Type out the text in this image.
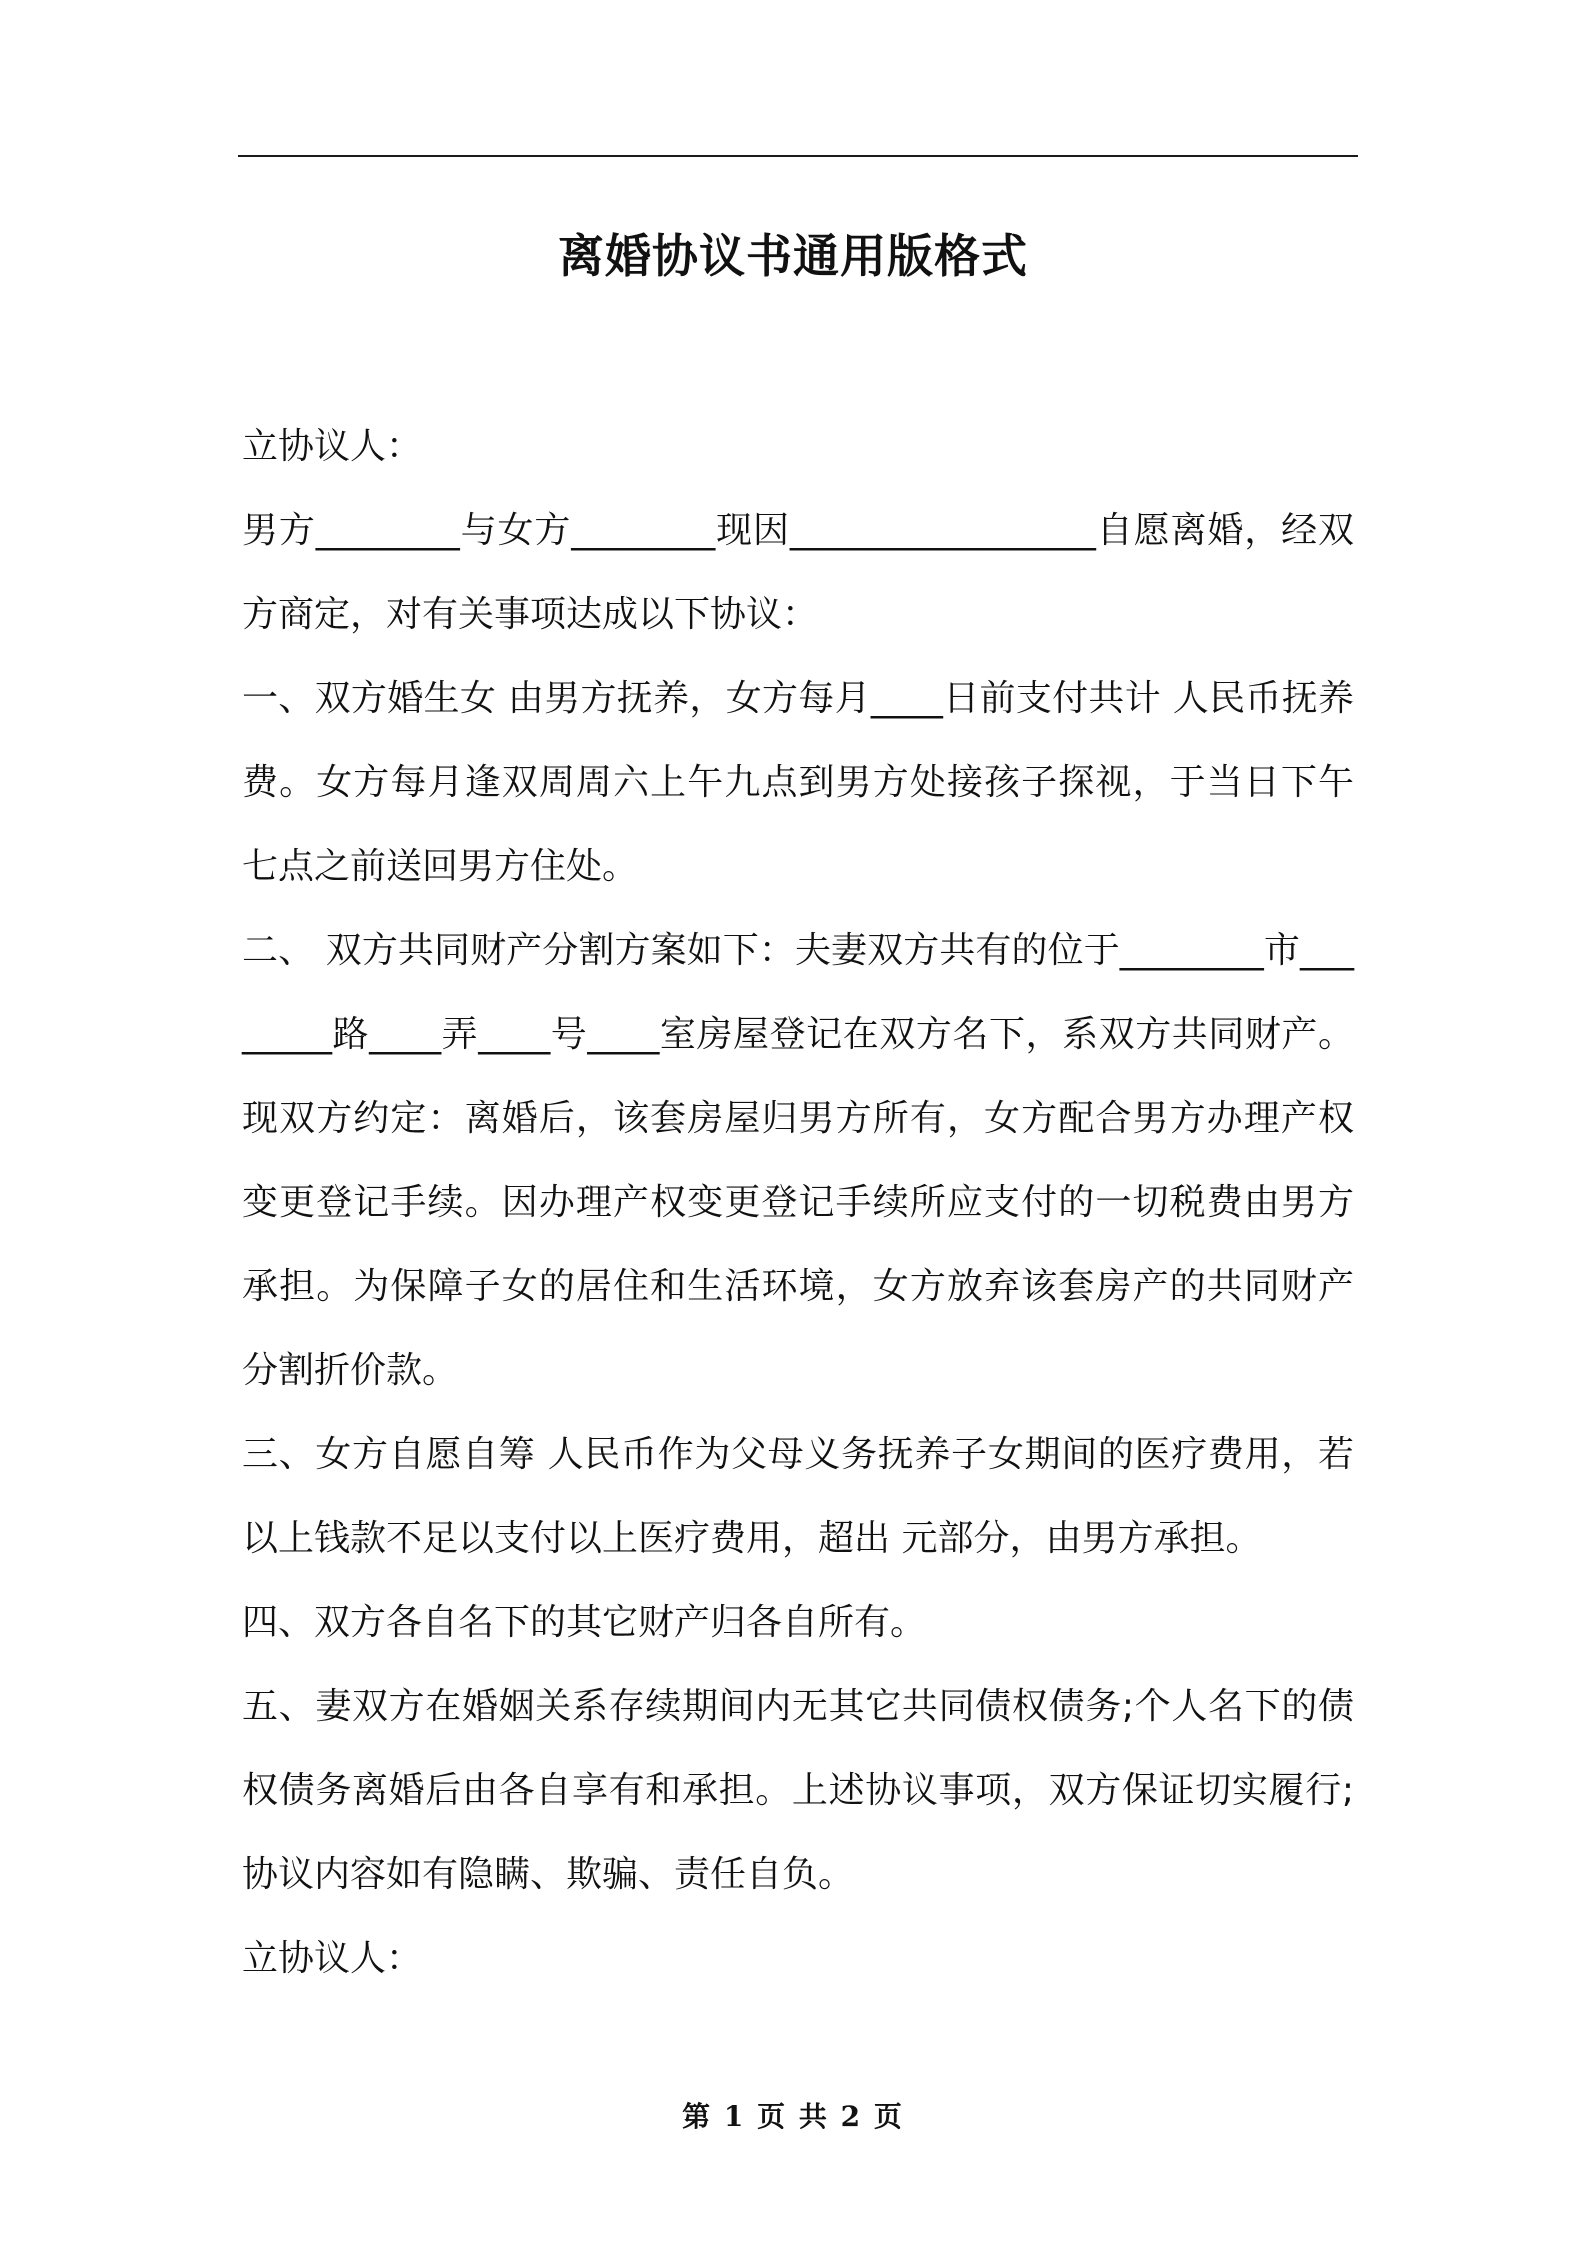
离婚协议书通用版格式

立协议人：

男方________与女方________现因_________________自愿离婚，经双方商定，对有关事项达成以下协议：

一、双方婚生女 由男方抚养，女方每月____日前支付共计 人民币抚养费。女方每月逢双周周六上午九点到男方处接孩子探视，于当日下午七点之前送回男方住处。

二、 双方共同财产分割方案如下：夫妻双方共有的位于________市________路____弄____号____室房屋登记在双方名下，系双方共同财产。现双方约定：离婚后，该套房屋归男方所有，女方配合男方办理产权变更登记手续。因办理产权变更登记手续所应支付的一切税费由男方承担。为保障子女的居住和生活环境，女方放弃该套房产的共同财产分割折价款。

三、女方自愿自筹 人民币作为父母义务抚养子女期间的医疗费用，若以上钱款不足以支付以上医疗费用，超出 元部分，由男方承担。

四、双方各自名下的其它财产归各自所有。

五、妻双方在婚姻关系存续期间内无其它共同债权债务;个人名下的债权债务离婚后由各自享有和承担。上述协议事项，双方保证切实履行;协议内容如有隐瞒、欺骗、责任自负。

立协议人：

第 1 页 共 2 页
